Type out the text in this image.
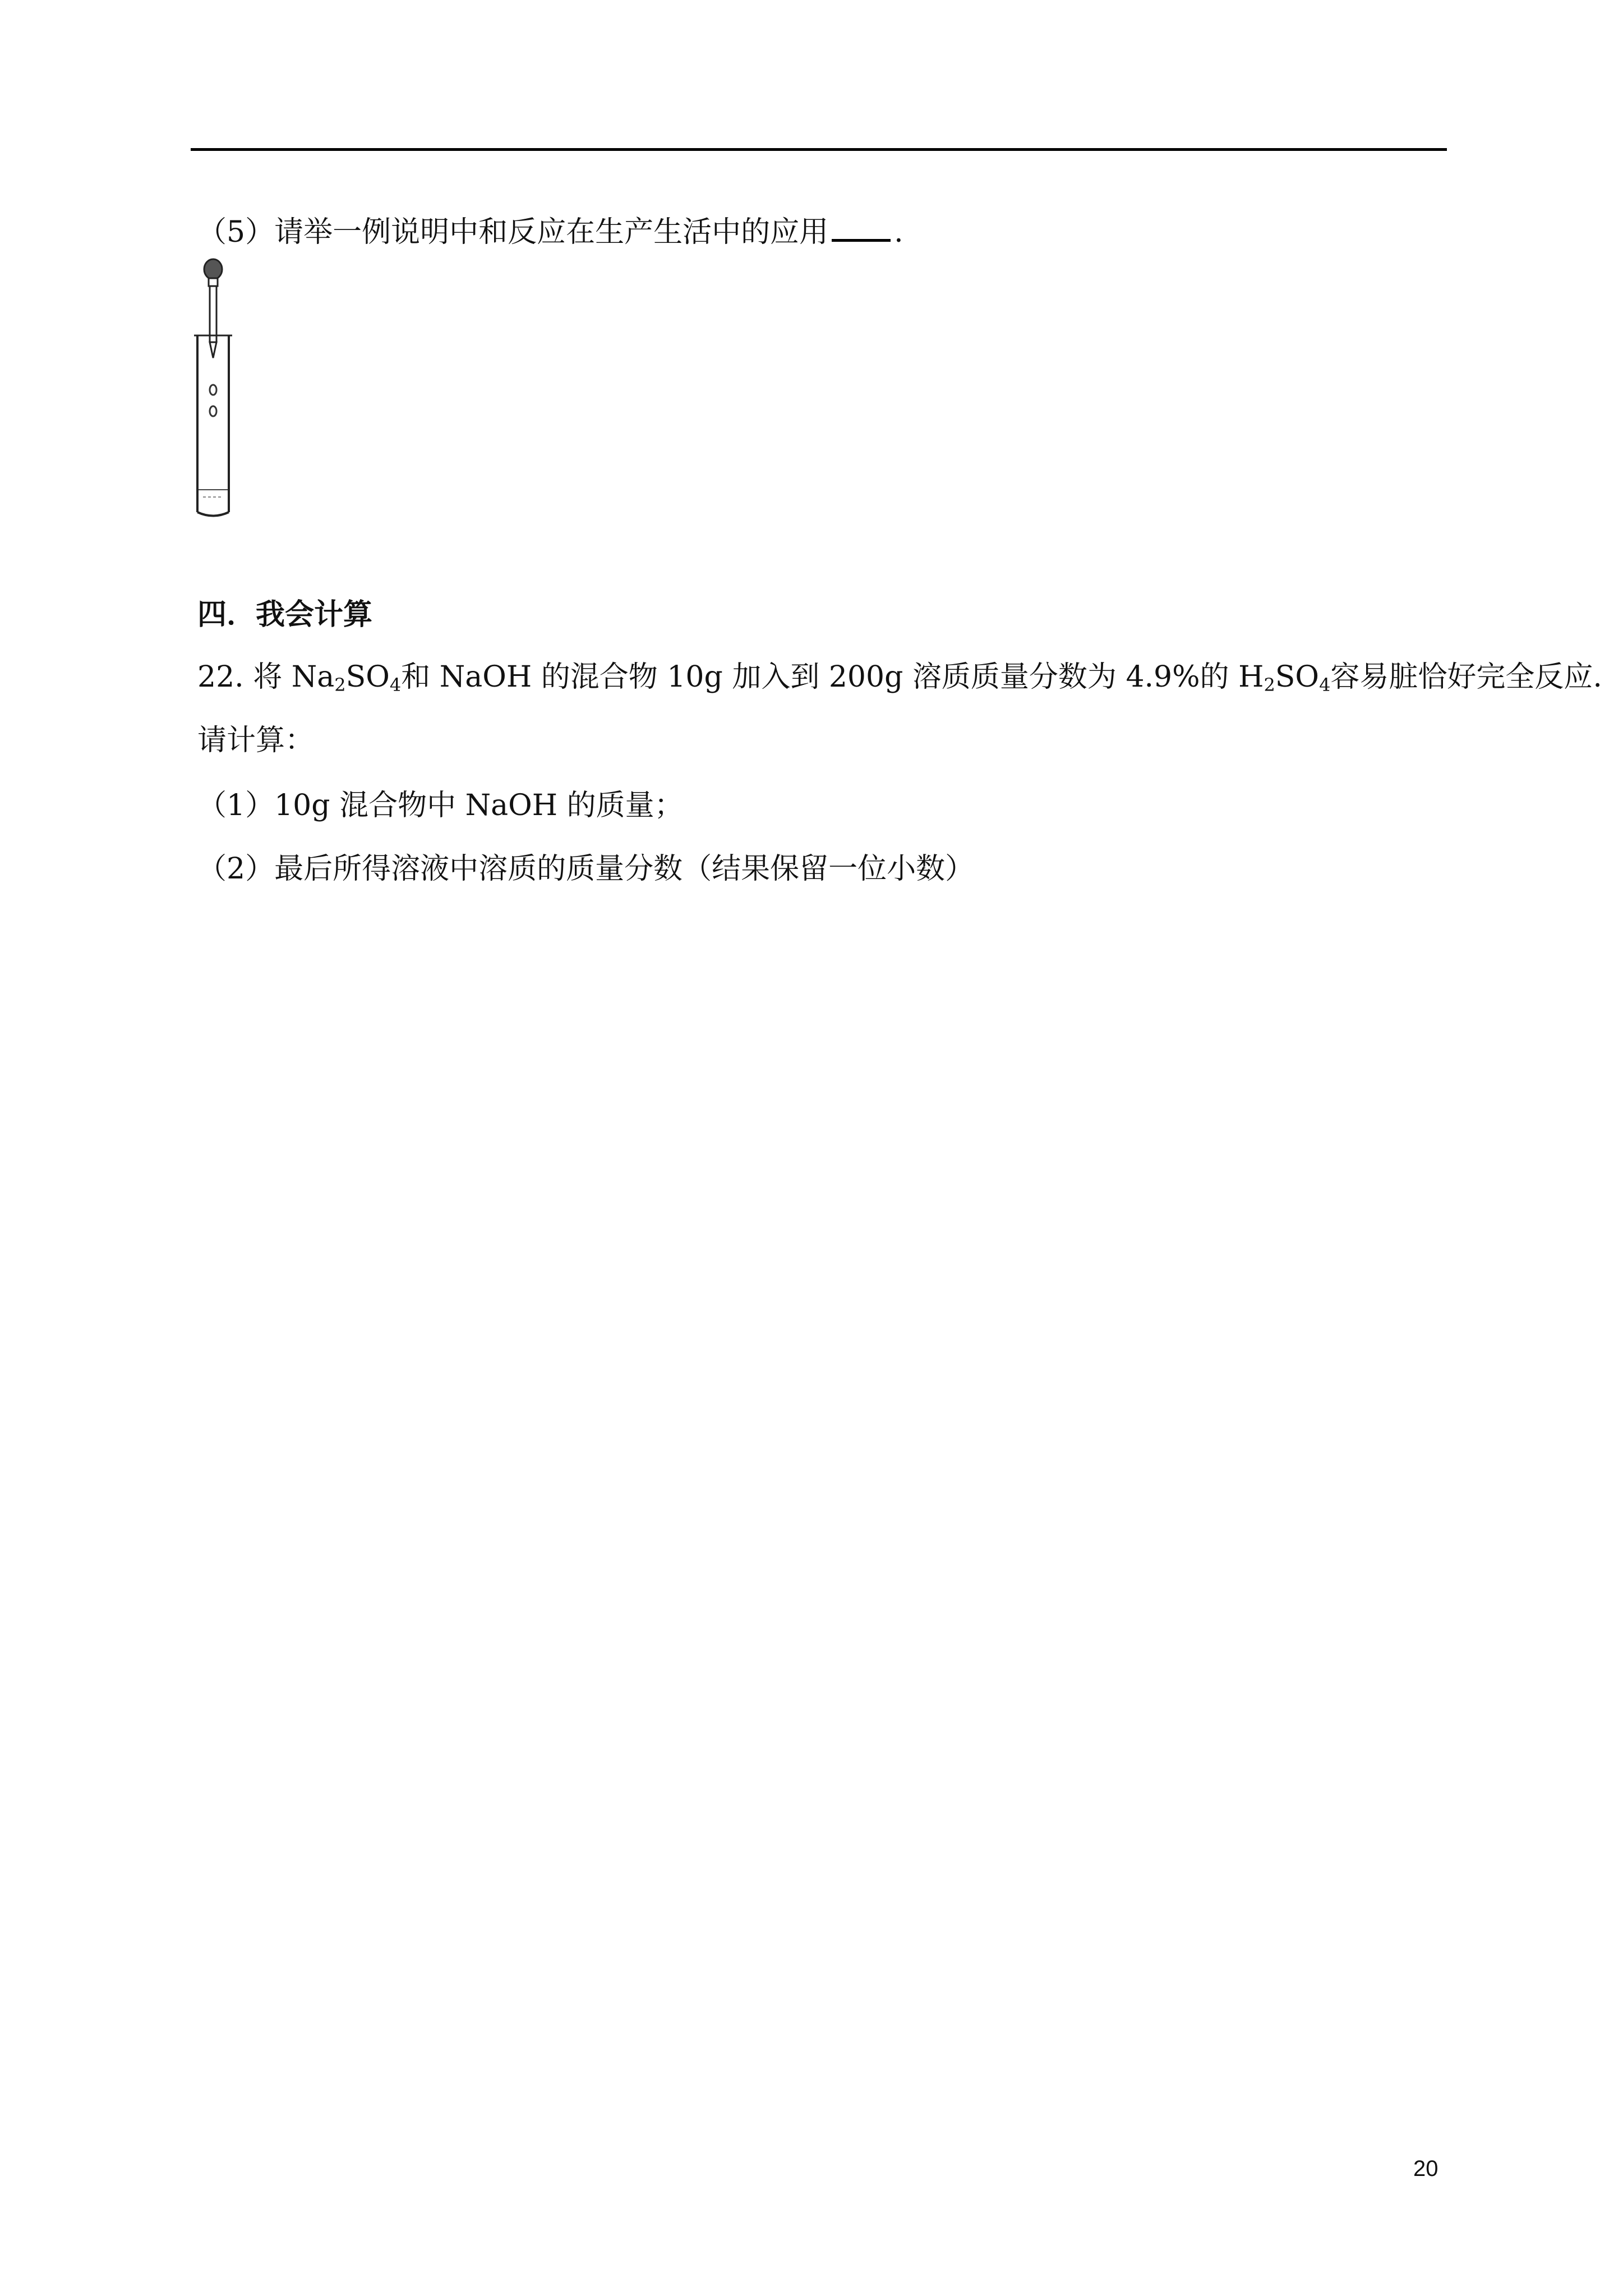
（5）请举一例说明中和反应在生产生活中的应用 .
四．我会计算
22. 将 $Na_2SO_4$和 NaOH 的混合物 10g 加入到 200g 溶质质量分数为 4.9%的 $H_2SO_4$容易脏恰好完全反应.
请计算：
（1）10g 混合物中 NaOH 的质量；
（2）最后所得溶液中溶质的质量分数（结果保留一位小数）
20
